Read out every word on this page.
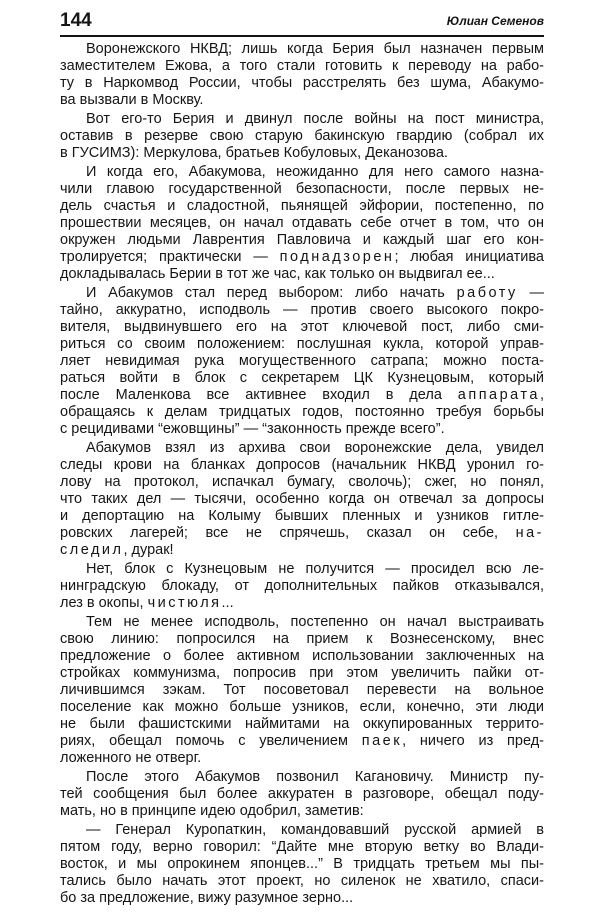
144	Юлиан Семенов
Воронежского НКВД; лишь когда Берия был назначен первым
заместителем Ежова, а того стали готовить к переводу на рабо-
ту в Наркомвод России, чтобы расстрелять без шума, Абакумо-
ва вызвали в Москву.
Вот его-то Берия и двинул после войны на пост министра,
оставив в резерве свою старую бакинскую гвардию (собрал их
в ГУСИМЗ): Меркулова, братьев Кобуловых, Деканозова.
И когда его, Абакумова, неожиданно для него самого назна-
чили главою государственной безопасности, после первых не-
дель счастья и сладостной, пьянящей эйфории, постепенно, по
прошествии месяцев, он начал отдавать себе отчет в том, что он
окружен людьми Лаврентия Павловича и каждый шаг его кон-
тролируется; практически — поднадзорен; любая инициатива
докладывалась Берии в тот же час, как только он выдвигал ее...
И Абакумов стал перед выбором: либо начать работу —
тайно, аккуратно, исподволь — против своего высокого покро-
вителя, выдвинувшего его на этот ключевой пост, либо сми-
риться со своим положением: послушная кукла, которой управ-
ляет невидимая рука могущественного сатрапа; можно поста-
раться войти в блок с секретарем ЦК Кузнецовым, который
после Маленкова все активнее входил в дела аппарата,
обращаясь к делам тридцатых годов, постоянно требуя борьбы
с рецидивами “ежовщины” — “законность прежде всего”.
Абакумов взял из архива свои воронежские дела, увидел
следы крови на бланках допросов (начальник НКВД уронил го-
лову на протокол, испачкал бумагу, сволочь); сжег, но понял,
что таких дел — тысячи, особенно когда он отвечал за допросы
и депортацию на Колыму бывших пленных и узников гитле-
ровских лагерей; все не спрячешь, сказал он себе, на-
следил, дурак!
Нет, блок с Кузнецовым не получится — просидел всю ле-
нинградскую блокаду, от дополнительных пайков отказывался,
лез в окопы, чистюля...
Тем не менее исподволь, постепенно он начал выстраивать
свою линию: попросился на прием к Вознесенскому, внес
предложение о более активном использовании заключенных на
стройках коммунизма, попросив при этом увеличить пайки от-
личившимся зэкам. Тот посоветовал перевести на вольное
поселение как можно больше узников, если, конечно, эти люди
не были фашистскими наймитами на оккупированных террито-
риях, обещал помочь с увеличением паек, ничего из пред-
ложенного не отверг.
После этого Абакумов позвонил Кагановичу. Министр пу-
тей сообщения был более аккуратен в разговоре, обещал поду-
мать, но в принципе идею одобрил, заметив:
— Генерал Куропаткин, командовавший русской армией в
пятом году, верно говорил: “Дайте мне вторую ветку во Влади-
восток, и мы опрокинем японцев...” В тридцать третьем мы пы-
тались было начать этот проект, но силенок не хватило, спаси-
бо за предложение, вижу разумное зерно...
